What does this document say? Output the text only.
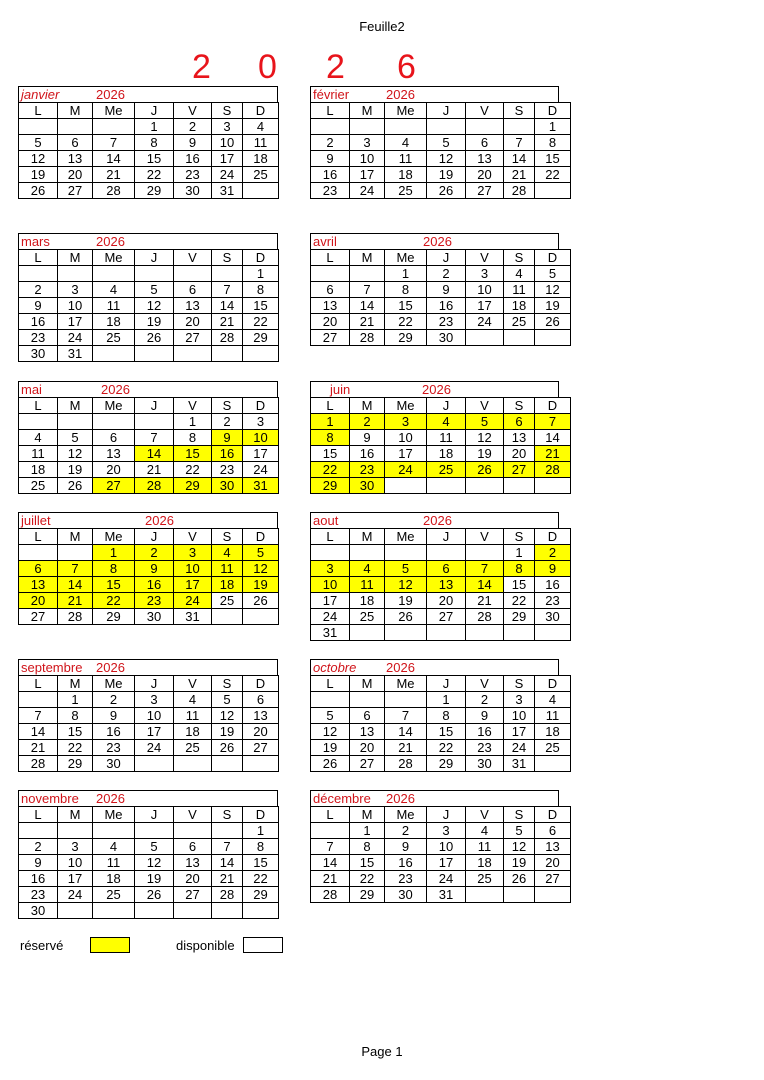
Feuille2
2 0 2 6
janvier	2026
L	M	Me	J	V	S	D
			1	2	3	4
5	6	7	8	9	10	11
12	13	14	15	16	17	18
19	20	21	22	23	24	25
26	27	28	29	30	31	
février	2026
L	M	Me	J	V	S	D
						1
2	3	4	5	6	7	8
9	10	11	12	13	14	15
16	17	18	19	20	21	22
23	24	25	26	27	28	
mars	2026
L	M	Me	J	V	S	D
						1
2	3	4	5	6	7	8
9	10	11	12	13	14	15
16	17	18	19	20	21	22
23	24	25	26	27	28	29
30	31					
avril	2026
L	M	Me	J	V	S	D
		1	2	3	4	5
6	7	8	9	10	11	12
13	14	15	16	17	18	19
20	21	22	23	24	25	26
27	28	29	30			
mai	2026
L	M	Me	J	V	S	D
				1	2	3
4	5	6	7	8	9	10
11	12	13	14	15	16	17
18	19	20	21	22	23	24
25	26	27	28	29	30	31
juin	2026
L	M	Me	J	V	S	D
1	2	3	4	5	6	7
8	9	10	11	12	13	14
15	16	17	18	19	20	21
22	23	24	25	26	27	28
29	30					
juillet	2026
L	M	Me	J	V	S	D
		1	2	3	4	5
6	7	8	9	10	11	12
13	14	15	16	17	18	19
20	21	22	23	24	25	26
27	28	29	30	31		
aout	2026
L	M	Me	J	V	S	D
					1	2
3	4	5	6	7	8	9
10	11	12	13	14	15	16
17	18	19	20	21	22	23
24	25	26	27	28	29	30
31						
septembre 2026
L	M	Me	J	V	S	D
	1	2	3	4	5	6
7	8	9	10	11	12	13
14	15	16	17	18	19	20
21	22	23	24	25	26	27
28	29	30				
octobre 2026
L	M	Me	J	V	S	D
			1	2	3	4
5	6	7	8	9	10	11
12	13	14	15	16	17	18
19	20	21	22	23	24	25
26	27	28	29	30	31	
novembre 2026
L	M	Me	J	V	S	D
						1
2	3	4	5	6	7	8
9	10	11	12	13	14	15
16	17	18	19	20	21	22
23	24	25	26	27	28	29
30						
décembre 2026
L	M	Me	J	V	S	D
	1	2	3	4	5	6
7	8	9	10	11	12	13
14	15	16	17	18	19	20
21	22	23	24	25	26	27
28	29	30	31			
réservé	disponible
Page 1
